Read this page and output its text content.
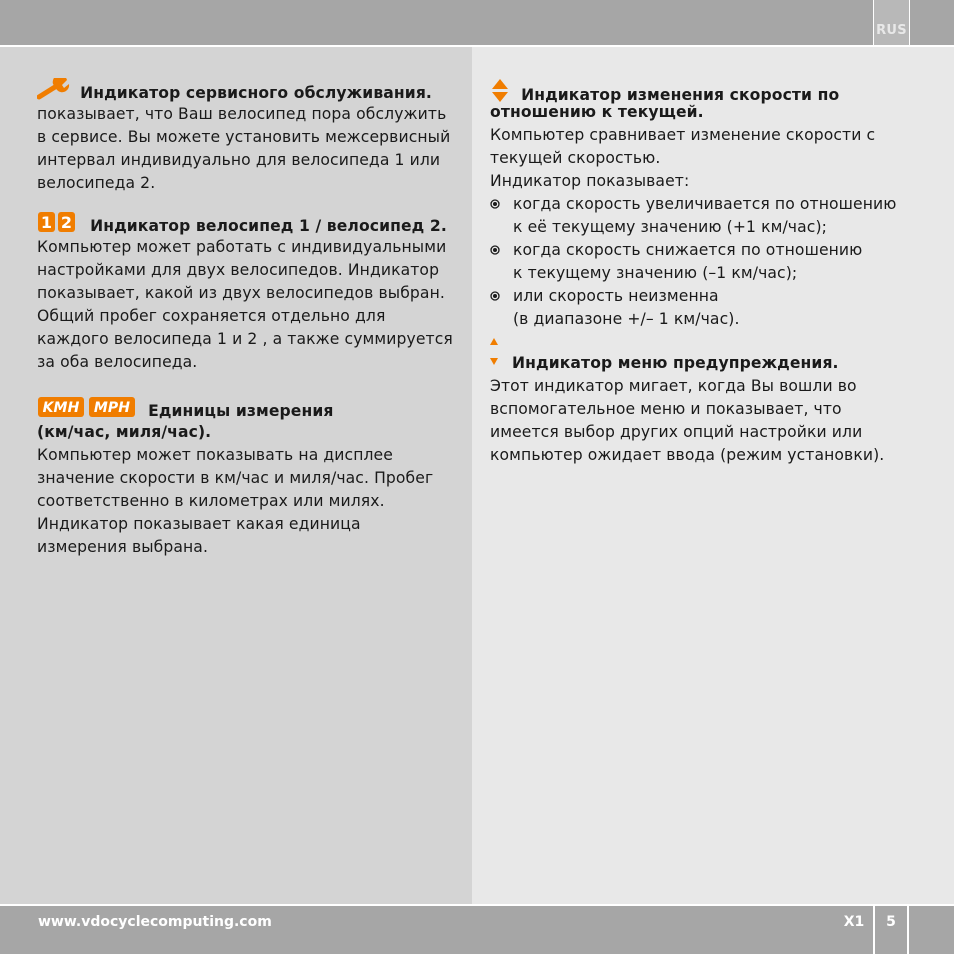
RUS
Индикатор сервисного обслуживания.
показывает, что Ваш велосипед пора обслужить
в сервисе. Вы можете установить межсервисный
интервал индивидуально для велосипеда 1 или
велосипеда 2.
1 2 Индикатор велосипед 1 / велосипед 2.
Компьютер может работать с индивидуальными
настройками для двух велосипедов. Индикатор
показывает, какой из двух велосипедов выбран.
Общий пробег сохраняется отдельно для
каждого велосипеда 1 и 2 , а также суммируется
за оба велосипеда.
KMH MPH Единицы измерения
(км/час, миля/час).
Компьютер может показывать на дисплее
значение скорости в км/час и миля/час. Пробег
соответственно в километрах или милях.
Индикатор показывает какая единица
измерения выбрана.
Индикатор изменения скорости по
отношению к текущей.
Компьютер сравнивает изменение скорости с
текущей скоростью.
Индикатор показывает:
когда скорость увеличивается по отношению
к её текущему значению (+1 км/час);
когда скорость снижается по отношению
к текущему значению (–1 км/час);
или скорость неизменна
(в диапазоне +/– 1 км/час).
Индикатор меню предупреждения.
Этот индикатор мигает, когда Вы вошли во
вспомогательное меню и показывает, что
имеется выбор других опций настройки или
компьютер ожидает ввода (режим установки).
www.vdocyclecomputing.com	X1	5
